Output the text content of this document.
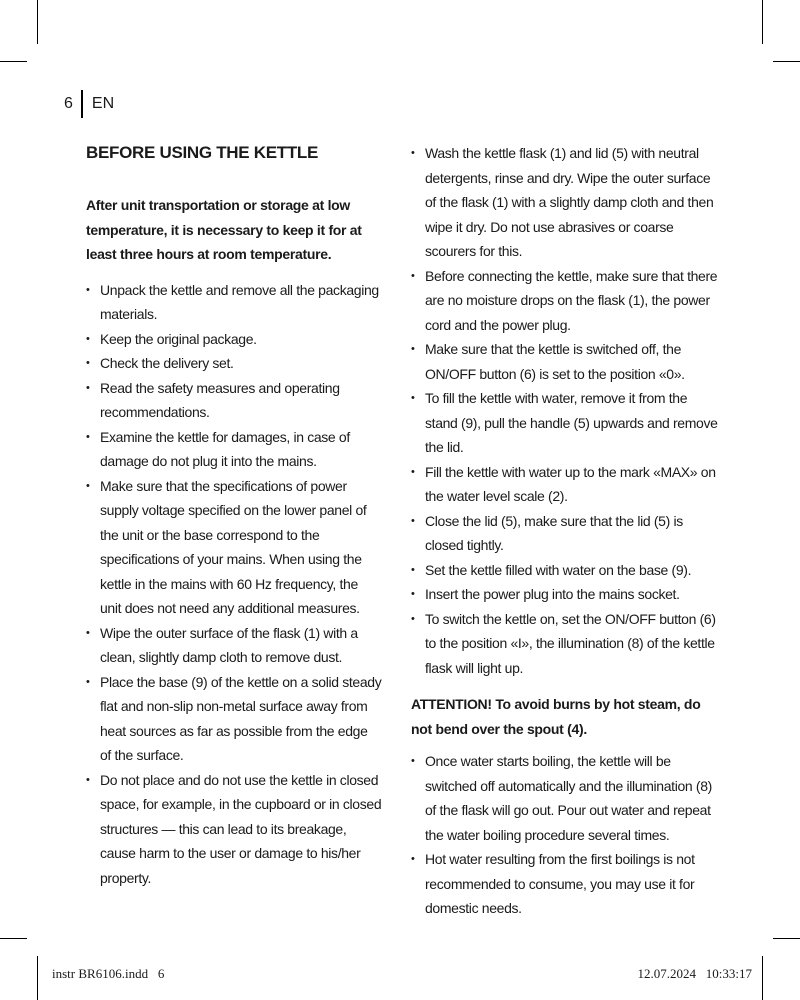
6 EN
BEFORE USING THE KETTLE
After unit transportation or storage at low temperature, it is necessary to keep it for at least three hours at room temperature.
• Unpack the kettle and remove all the packaging materials.
• Keep the original package.
• Check the delivery set.
• Read the safety measures and operating recommendations.
• Examine the kettle for damages, in case of damage do not plug it into the mains.
• Make sure that the specifications of power supply voltage specified on the lower panel of the unit or the base correspond to the specifications of your mains. When using the kettle in the mains with 60 Hz frequency, the unit does not need any additional measures.
• Wipe the outer surface of the flask (1) with a clean, slightly damp cloth to remove dust.
• Place the base (9) of the kettle on a solid steady flat and non-slip non-metal surface away from heat sources as far as possible from the edge of the surface.
• Do not place and do not use the kettle in closed space, for example, in the cupboard or in closed structures — this can lead to its breakage, cause harm to the user or damage to his/her property.
• Wash the kettle flask (1) and lid (5) with neutral detergents, rinse and dry. Wipe the outer surface of the flask (1) with a slightly damp cloth and then wipe it dry. Do not use abrasives or coarse scourers for this.
• Before connecting the kettle, make sure that there are no moisture drops on the flask (1), the power cord and the power plug.
• Make sure that the kettle is switched off, the ON/OFF button (6) is set to the position «0».
• To fill the kettle with water, remove it from the stand (9), pull the handle (5) upwards and remove the lid.
• Fill the kettle with water up to the mark «MAX» on the water level scale (2).
• Close the lid (5), make sure that the lid (5) is closed tightly.
• Set the kettle filled with water on the base (9).
• Insert the power plug into the mains socket.
• To switch the kettle on, set the ON/OFF button (6) to the position «I», the illumination (8) of the kettle flask will light up.
ATTENTION! To avoid burns by hot steam, do not bend over the spout (4).
• Once water starts boiling, the kettle will be switched off automatically and the illumination (8) of the flask will go out. Pour out water and repeat the water boiling procedure several times.
• Hot water resulting from the first boilings is not recommended to consume, you may use it for domestic needs.
instr BR6106.indd   6	12.07.2024   10:33:17
